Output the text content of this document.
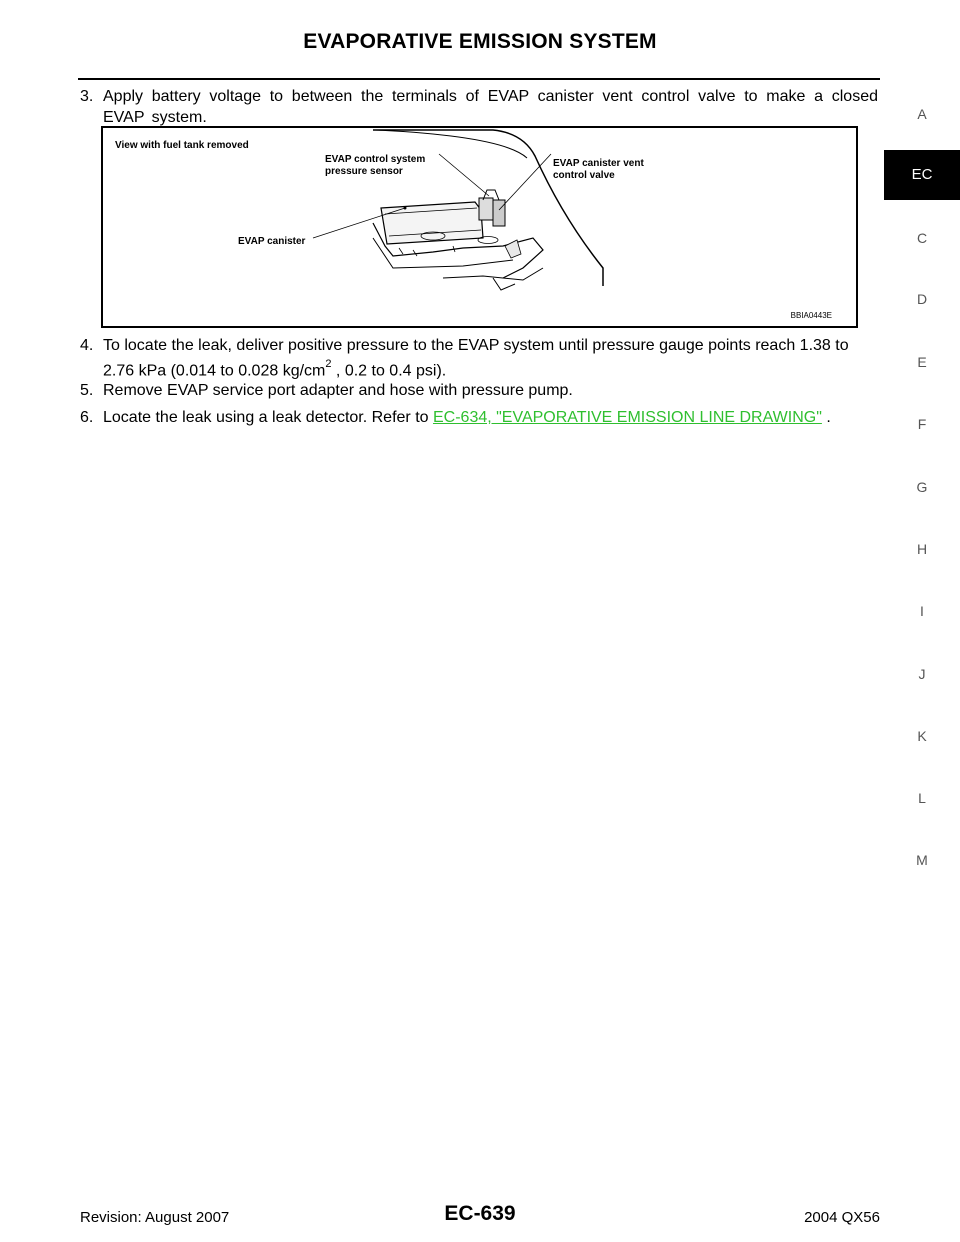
EVAPORATIVE EMISSION SYSTEM
3. Apply battery voltage to between the terminals of EVAP canister vent control valve to make a closed EVAP system.
View with fuel tank removed
EVAP control system
pressure sensor
EVAP canister vent
control valve
EVAP canister
BBIA0443E
4. To locate the leak, deliver positive pressure to the EVAP system until pressure gauge points reach 1.38 to 2.76 kPa (0.014 to 0.028 $kg/cm^2$ , 0.2 to 0.4 psi).
5. Remove EVAP service port adapter and hose with pressure pump.
6. Locate the leak using a leak detector. Refer to EC-634, "EVAPORATIVE EMISSION LINE DRAWING" .
A
EC
C
D
E
F
G
H
I
J
K
L
M
Revision: August 2007	EC-639	2004 QX56
